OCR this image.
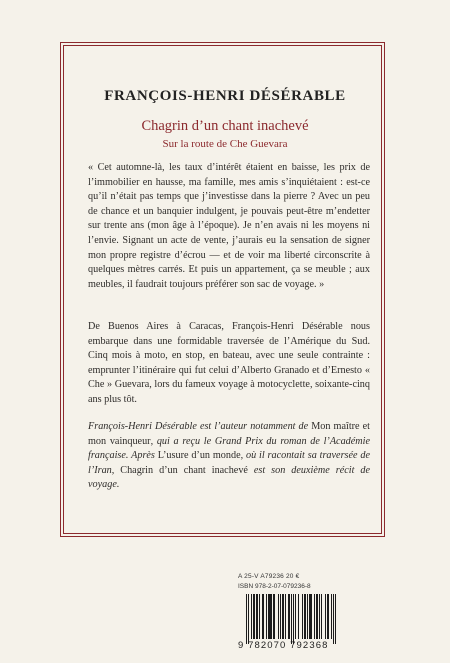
FRANÇOIS-HENRI DÉSÉRABLE
Chagrin d’un chant inachevé
Sur la route de Che Guevara

« Cet automne-là, les taux d’intérêt étaient en baisse, les prix de l’immobilier en hausse, ma famille, mes amis s’inquiétaient : est-ce qu’il n’était pas temps que j’investisse dans la pierre ? Avec un peu de chance et un banquier indulgent, je pouvais peut-être m’endetter sur trente ans (mon âge à l’époque). Je n’en avais ni les moyens ni l’envie. Signant un acte de vente, j’aurais eu la sensation de signer mon propre registre d’écrou — et de voir ma liberté circonscrite à quelques mètres carrés. Et puis un appartement, ça se meuble ; aux meubles, il faudrait toujours préférer son sac de voyage. »

De Buenos Aires à Caracas, François-Henri Désérable nous embarque dans une formidable traversée de l’Amérique du Sud. Cinq mois à moto, en stop, en bateau, avec une seule contrainte : emprunter l’itinéraire qui fut celui d’Alberto Granado et d’Ernesto « Che » Guevara, lors du fameux voyage à motocyclette, soixante-cinq ans plus tôt.

François-Henri Désérable est l’auteur notamment de Mon maître et mon vainqueur, qui a reçu le Grand Prix du roman de l’Académie française. Après L’usure d’un monde, où il racontait sa traversée de l’Iran, Chagrin d’un chant inachevé est son deuxième récit de voyage.

A 25-V A79236 20 €
ISBN 978-2-07-079236-8
9 782070 792368
